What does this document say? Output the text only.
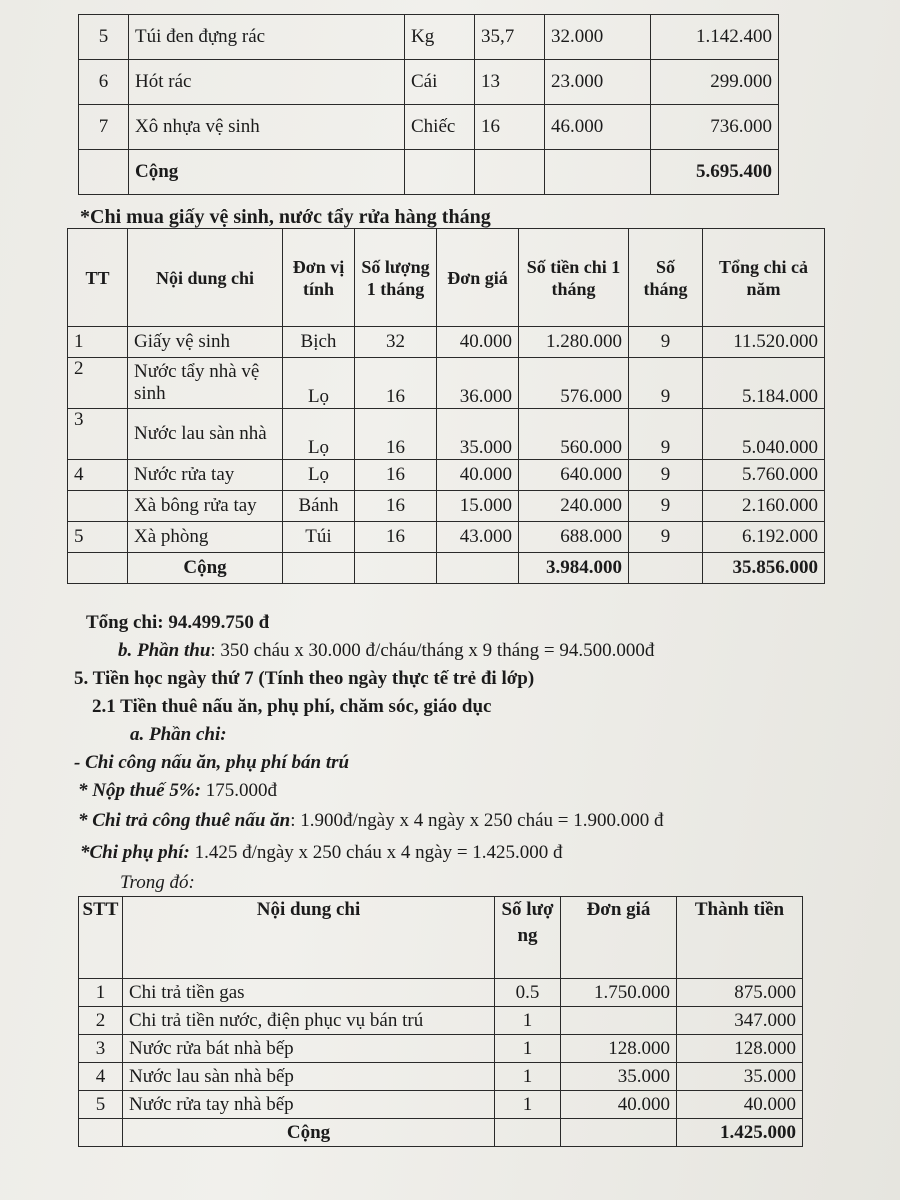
5	Túi đen đựng rác	Kg	35,7	32.000	1.142.400
6	Hót rác	Cái	13	23.000	299.000
7	Xô nhựa vệ sinh	Chiếc	16	46.000	736.000
	Cộng				5.695.400
*Chi mua giấy vệ sinh, nước tẩy rửa hàng tháng
TT	Nội dung chi	Đơn vị tính	Số lượng 1 tháng	Đơn giá	Số tiền chi 1 tháng	Số tháng	Tổng chi cả năm
1	Giấy vệ sinh	Bịch	32	40.000	1.280.000	9	11.520.000
2	Nước tẩy nhà vệ sinh	Lọ	16	36.000	576.000	9	5.184.000
3	Nước lau sàn nhà	Lọ	16	35.000	560.000	9	5.040.000
4	Nước rửa tay	Lọ	16	40.000	640.000	9	5.760.000
	Xà bông rửa tay	Bánh	16	15.000	240.000	9	2.160.000
5	Xà phòng	Túi	16	43.000	688.000	9	6.192.000
	Cộng				3.984.000		35.856.000
Tổng chi: 94.499.750 đ
b. Phần thu: 350 cháu x 30.000 đ/cháu/tháng x 9 tháng = 94.500.000đ
5. Tiền học ngày thứ 7 (Tính theo ngày thực tế trẻ đi lớp)
2.1 Tiền thuê nấu ăn, phụ phí, chăm sóc, giáo dục
a. Phần chi:
- Chi công nấu ăn, phụ phí bán trú
* Nộp thuế 5%: 175.000đ
* Chi trả công thuê nấu ăn: 1.900đ/ngày x 4 ngày x 250 cháu = 1.900.000 đ
*Chi phụ phí: 1.425 đ/ngày x 250 cháu x 4 ngày = 1.425.000 đ
Trong đó:
STT	Nội dung chi	Số lượng	Đơn giá	Thành tiền
1	Chi trả tiền gas	0.5	1.750.000	875.000
2	Chi trả tiền nước, điện phục vụ bán trú	1		347.000
3	Nước rửa bát nhà bếp	1	128.000	128.000
4	Nước lau sàn nhà bếp	1	35.000	35.000
5	Nước rửa tay nhà bếp	1	40.000	40.000
	Cộng			1.425.000
